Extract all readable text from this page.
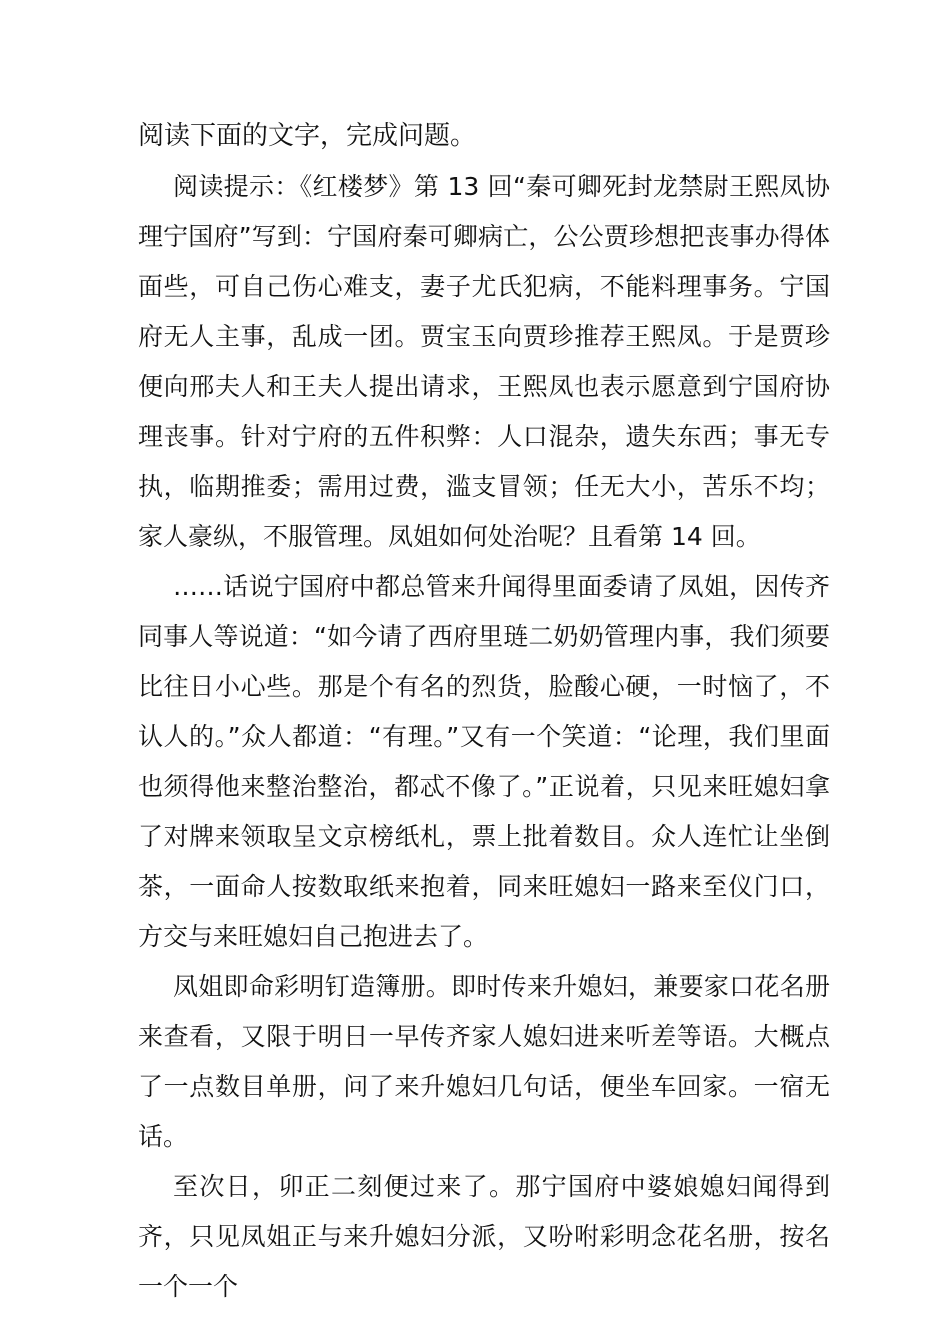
阅读下面的文字，完成问题。

阅读提示：《红楼梦》第 13 回“秦可卿死封龙禁尉王熙凤协理宁国府”写到：宁国府秦可卿病亡，公公贾珍想把丧事办得体面些，可自己伤心难支，妻子尤氏犯病，不能料理事务。宁国府无人主事，乱成一团。贾宝玉向贾珍推荐王熙凤。于是贾珍便向邢夫人和王夫人提出请求，王熙凤也表示愿意到宁国府协理丧事。针对宁府的五件积弊：人口混杂，遗失东西；事无专执，临期推委；需用过费，滥支冒领；任无大小，苦乐不均；家人豪纵，不服管理。凤姐如何处治呢？且看第 14 回。

……话说宁国府中都总管来升闻得里面委请了凤姐，因传齐同事人等说道：“如今请了西府里琏二奶奶管理内事，我们须要比往日小心些。那是个有名的烈货，脸酸心硬，一时恼了，不认人的。”众人都道：“有理。”又有一个笑道：“论理，我们里面也须得他来整治整治，都忒不像了。”正说着，只见来旺媳妇拿了对牌来领取呈文京榜纸札，票上批着数目。众人连忙让坐倒茶，一面命人按数取纸来抱着，同来旺媳妇一路来至仪门口，方交与来旺媳妇自己抱进去了。

凤姐即命彩明钉造簿册。即时传来升媳妇，兼要家口花名册来查看，又限于明日一早传齐家人媳妇进来听差等语。大概点了一点数目单册，问了来升媳妇几句话，便坐车回家。一宿无话。

至次日，卯正二刻便过来了。那宁国府中婆娘媳妇闻得到齐，只见凤姐正与来升媳妇分派，又吩咐彩明念花名册，按名一个一个
